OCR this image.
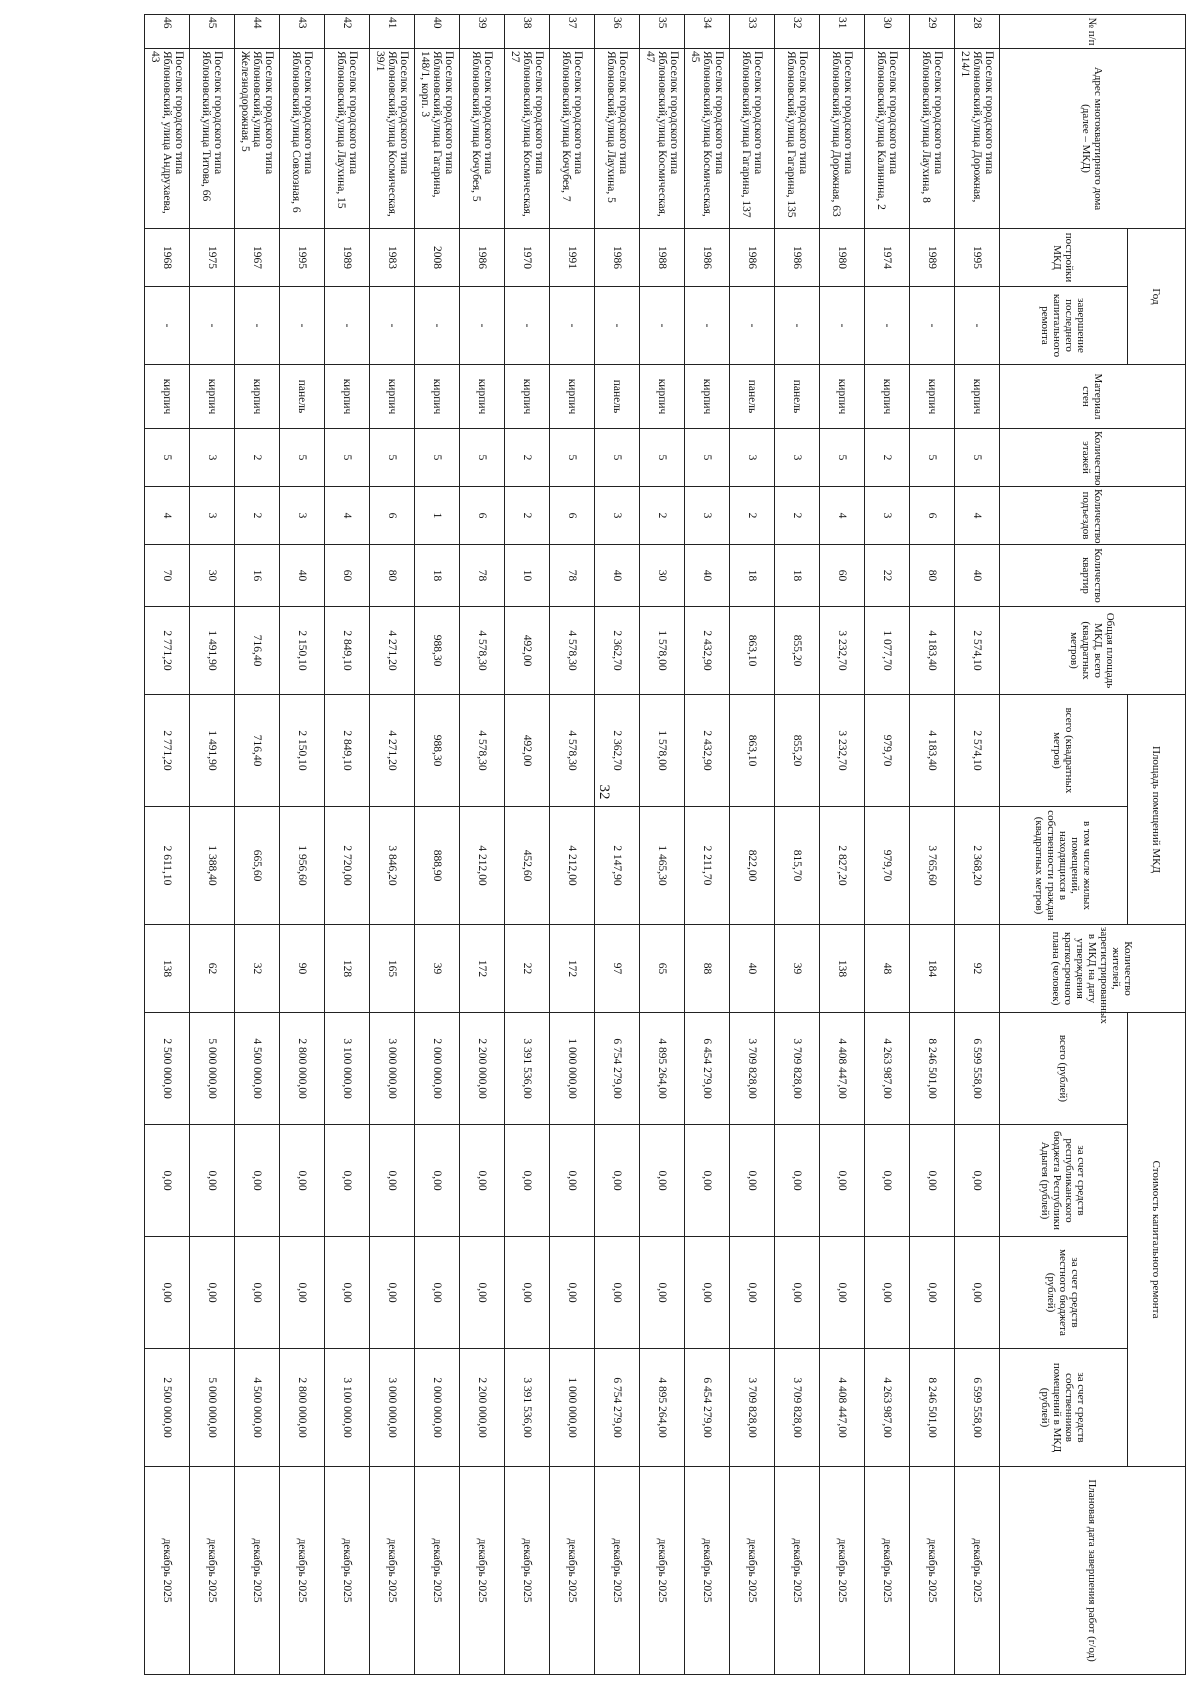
32
№ п/п	Адрес многоквартирного дома (далее – МКД)	Год		Материал стен	Количество этажей	Количество подъездов	Количество квартир	Общая площадь МКД, всего (квадратных метров)	Площадь помещений МКД		Количество жителей, зарегистрированных в МКД на дату утверждения краткосрочного плана (человек)	Стоимость капитального ремонта				Плановая дата завершения работ (г/од)
		постройки МКД	завершение последнего капитального ремонта						всего (квадратных метров)	в том числе жилых помещений, находящихся в собственности граждан (квадратных метров)		всего (рублей)	за счет средств республиканского бюджета Республики Адыгея (рублей)	за счет средств местного бюджета (рублей)	за счет средств собственников помещений в МКД (рублей)	
28	Поселок городского типа Яблоновский,улица Дорожная, 214/1	1995	-	кирпич	5	4	40	2 574,10	2 574,10	2 368,20	92	6 599 558,00	0,00	0,00	6 599 558,00	декабрь 2025
29	Поселок городского типа Яблоновский,улица Лаухина, 8	1989	-	кирпич	5	6	80	4 183,40	4 183,40	3 765,60	184	8 246 501,00	0,00	0,00	8 246 501,00	декабрь 2025
30	Поселок городского типа Яблоновский,улица Калинина, 2	1974	-	кирпич	2	3	22	1 077,70	979,70	979,70	48	4 263 987,00	0,00	0,00	4 263 987,00	декабрь 2025
31	Поселок городского типа Яблоновский,улица Дорожная, 63	1980	-	кирпич	5	4	60	3 232,70	3 232,70	2 827,20	138	4 408 447,00	0,00	0,00	4 408 447,00	декабрь 2025
32	Поселок городского типа Яблоновский,улица Гагарина, 135	1986	-	панель	3	2	18	855,20	855,20	815,70	39	3 709 828,00	0,00	0,00	3 709 828,00	декабрь 2025
33	Поселок городского типа Яблоновский,улица Гагарина, 137	1986	-	панель	3	2	18	863,10	863,10	822,00	40	3 709 828,00	0,00	0,00	3 709 828,00	декабрь 2025
34	Поселок городского типа Яблоновский,улица Космическая, 45	1986	-	кирпич	5	3	40	2 432,90	2 432,90	2 211,70	88	6 454 279,00	0,00	0,00	6 454 279,00	декабрь 2025
35	Поселок городского типа Яблоновский,улица Космическая, 47	1988	-	кирпич	5	2	30	1 578,00	1 578,00	1 465,30	65	4 895 264,00	0,00	0,00	4 895 264,00	декабрь 2025
36	Поселок городского типа Яблоновский,улица Лаухина, 5	1986	-	панель	5	3	40	2 362,70	2 362,70	2 147,90	97	6 754 279,00	0,00	0,00	6 754 279,00	декабрь 2025
37	Поселок городского типа Яблоновский,улица Кочубея, 7	1991	-	кирпич	5	6	78	4 578,30	4 578,30	4 212,00	172	1 000 000,00	0,00	0,00	1 000 000,00	декабрь 2025
38	Поселок городского типа Яблоновский,улица Космическая, 27	1970	-	кирпич	2	2	10	492,00	492,00	452,60	22	3 391 536,00	0,00	0,00	3 391 536,00	декабрь 2025
39	Поселок городского типа Яблоновский,улица Кочубея, 5	1986	-	кирпич	5	6	78	4 578,30	4 578,30	4 212,00	172	2 200 000,00	0,00	0,00	2 200 000,00	декабрь 2025
40	Поселок городского типа Яблоновский,улица Гагарина, 148/1, корп. 3	2008	-	кирпич	5	1	18	988,30	988,30	888,90	39	2 000 000,00	0,00	0,00	2 000 000,00	декабрь 2025
41	Поселок городского типа Яблоновский,улица Космическая, 39/1	1983	-	кирпич	5	6	80	4 271,20	4 271,20	3 846,20	165	3 000 000,00	0,00	0,00	3 000 000,00	декабрь 2025
42	Поселок городского типа Яблоновский,улица Лаухина, 15	1989	-	кирпич	5	4	60	2 849,10	2 849,10	2 720,00	128	3 100 000,00	0,00	0,00	3 100 000,00	декабрь 2025
43	Поселок городского типа Яблоновский,улица Совхозная, 6	1995	-	панель	5	3	40	2 150,10	2 150,10	1 956,60	90	2 800 000,00	0,00	0,00	2 800 000,00	декабрь 2025
44	Поселок городского типа Яблоновский,улица Железнодорожная, 5	1967	-	кирпич	2	2	16	716,40	716,40	665,60	32	4 500 000,00	0,00	0,00	4 500 000,00	декабрь 2025
45	Поселок городского типа Яблоновский,улица Титова, 66	1975	-	кирпич	3	3	30	1 491,90	1 491,90	1 388,40	62	5 000 000,00	0,00	0,00	5 000 000,00	декабрь 2025
46	Поселок городского типа Яблоновский, улица Андрухаева, 43	1968	-	кирпич	5	4	70	2 771,20	2 771,20	2 611,10	138	2 500 000,00	0,00	0,00	2 500 000,00	декабрь 2025
